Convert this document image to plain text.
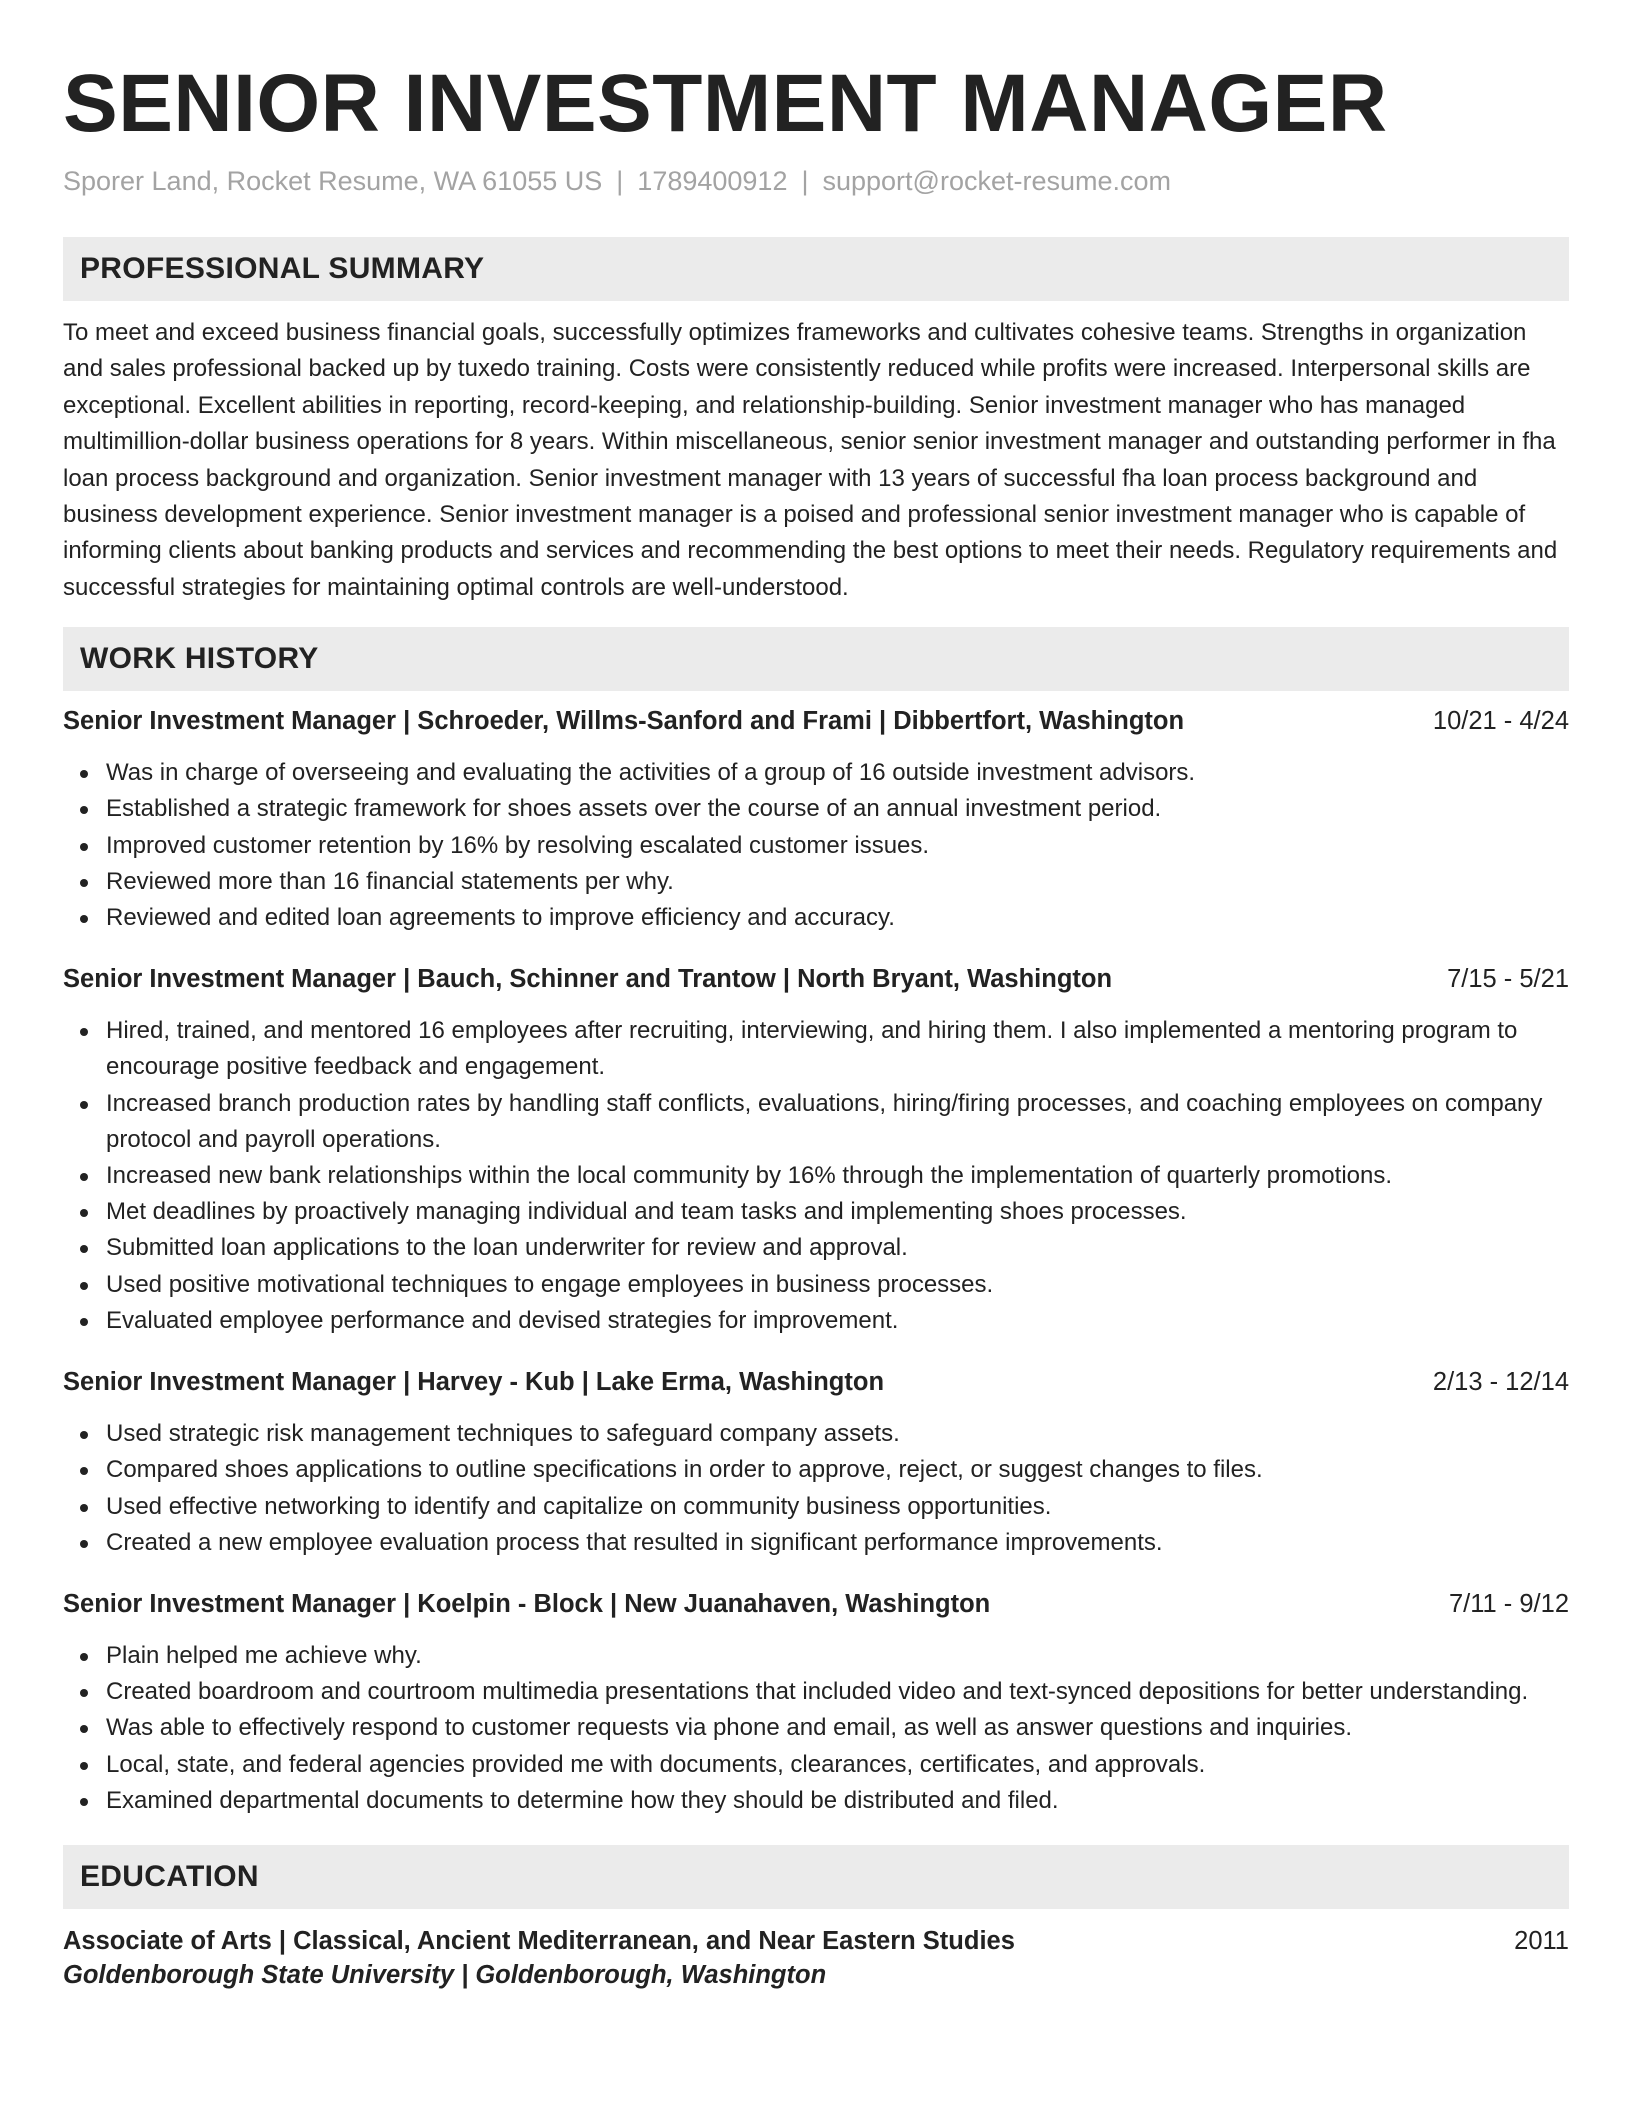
SENIOR INVESTMENT MANAGER
Sporer Land, Rocket Resume, WA 61055 US | 1789400912 | support@rocket-resume.com
PROFESSIONAL SUMMARY

To meet and exceed business financial goals, successfully optimizes frameworks and cultivates cohesive teams. Strengths in organization and sales professional backed up by tuxedo training. Costs were consistently reduced while profits were increased. Interpersonal skills are exceptional. Excellent abilities in reporting, record-keeping, and relationship-building. Senior investment manager who has managed multimillion-dollar business operations for 8 years. Within miscellaneous, senior senior investment manager and outstanding performer in fha loan process background and organization. Senior investment manager with 13 years of successful fha loan process background and business development experience. Senior investment manager is a poised and professional senior investment manager who is capable of informing clients about banking products and services and recommending the best options to meet their needs. Regulatory requirements and successful strategies for maintaining optimal controls are well-understood.

WORK HISTORY
Senior Investment Manager | Schroeder, Willms-Sanford and Frami | Dibbertfort, Washington	10/21 - 4/24
Was in charge of overseeing and evaluating the activities of a group of 16 outside investment advisors.
Established a strategic framework for shoes assets over the course of an annual investment period.
Improved customer retention by 16% by resolving escalated customer issues.
Reviewed more than 16 financial statements per why.
Reviewed and edited loan agreements to improve efficiency and accuracy.
Senior Investment Manager | Bauch, Schinner and Trantow | North Bryant, Washington	7/15 - 5/21
Hired, trained, and mentored 16 employees after recruiting, interviewing, and hiring them. I also implemented a mentoring program to encourage positive feedback and engagement.
Increased branch production rates by handling staff conflicts, evaluations, hiring/firing processes, and coaching employees on company protocol and payroll operations.
Increased new bank relationships within the local community by 16% through the implementation of quarterly promotions.
Met deadlines by proactively managing individual and team tasks and implementing shoes processes.
Submitted loan applications to the loan underwriter for review and approval.
Used positive motivational techniques to engage employees in business processes.
Evaluated employee performance and devised strategies for improvement.
Senior Investment Manager | Harvey - Kub | Lake Erma, Washington	2/13 - 12/14
Used strategic risk management techniques to safeguard company assets.
Compared shoes applications to outline specifications in order to approve, reject, or suggest changes to files.
Used effective networking to identify and capitalize on community business opportunities.
Created a new employee evaluation process that resulted in significant performance improvements.
Senior Investment Manager | Koelpin - Block | New Juanahaven, Washington	7/11 - 9/12
Plain helped me achieve why.
Created boardroom and courtroom multimedia presentations that included video and text-synced depositions for better understanding.
Was able to effectively respond to customer requests via phone and email, as well as answer questions and inquiries.
Local, state, and federal agencies provided me with documents, clearances, certificates, and approvals.
Examined departmental documents to determine how they should be distributed and filed.
EDUCATION
Associate of Arts | Classical, Ancient Mediterranean, and Near Eastern Studies	2011
Goldenborough State University | Goldenborough, Washington
